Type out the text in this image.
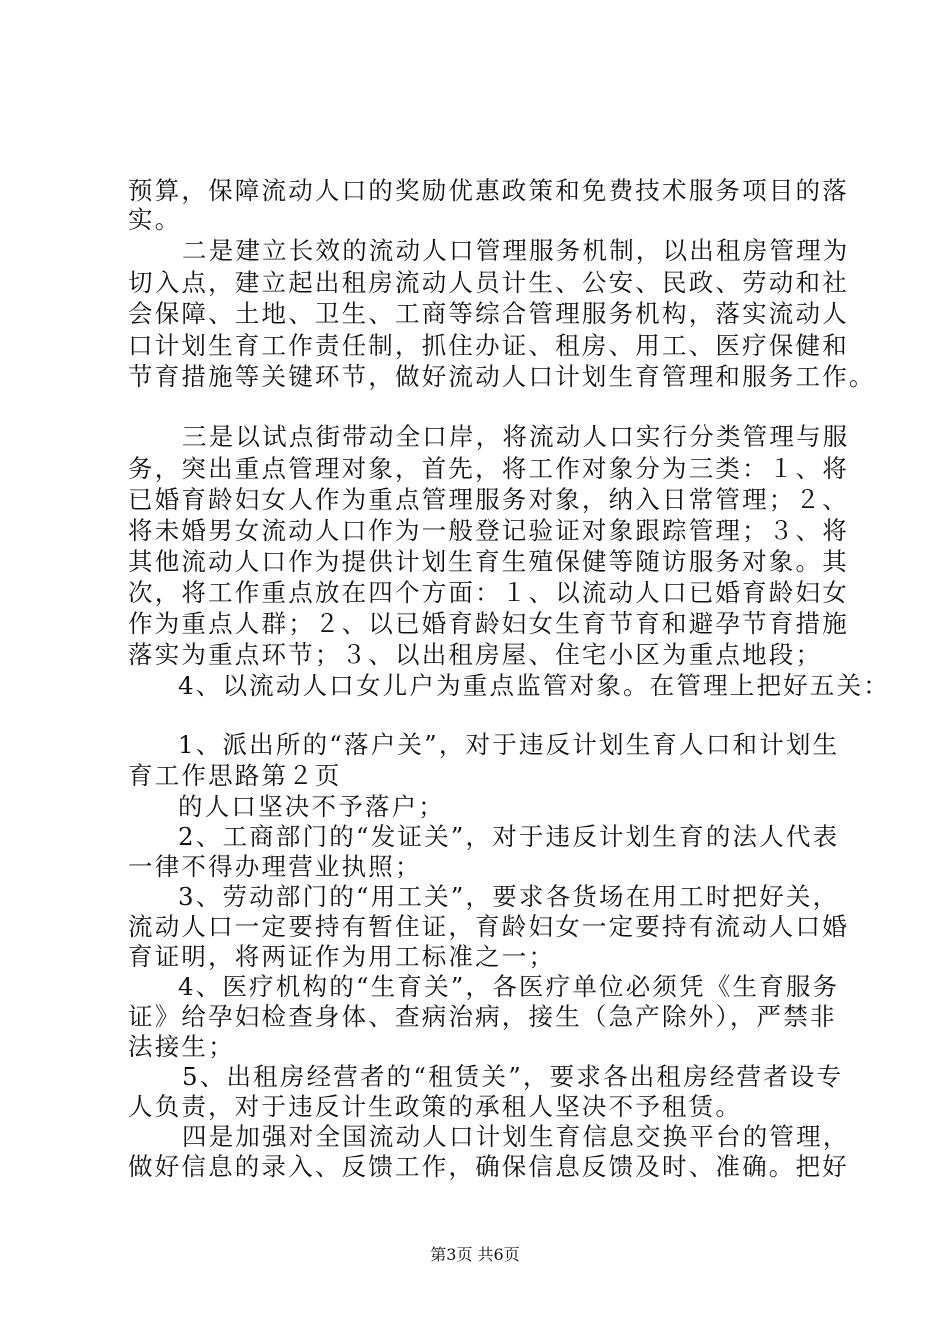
预算，保障流动人口的奖励优惠政策和免费技术服务项目的落
实。
二是建立长效的流动人口管理服务机制，以出租房管理为
切入点，建立起出租房流动人员计生、公安、民政、劳动和社
会保障、土地、卫生、工商等综合管理服务机构，落实流动人
口计划生育工作责任制，抓住办证、租房、用工、医疗保健和
节育措施等关键环节，做好流动人口计划生育管理和服务工作。
三是以试点街带动全口岸，将流动人口实行分类管理与服
务，突出重点管理对象，首先，将工作对象分为三类：１、将
已婚育龄妇女人作为重点管理服务对象，纳入日常管理；２、
将未婚男女流动人口作为一般登记验证对象跟踪管理；３、将
其他流动人口作为提供计划生育生殖保健等随访服务对象。其
次，将工作重点放在四个方面：１、以流动人口已婚育龄妇女
作为重点人群；２、以已婚育龄妇女生育节育和避孕节育措施
落实为重点环节；３、以出租房屋、住宅小区为重点地段；
4、以流动人口女儿户为重点监管对象。在管理上把好五关：
1、派出所的“落户关”，对于违反计划生育人口和计划生
育工作思路第２页
的人口坚决不予落户；
2、工商部门的“发证关”，对于违反计划生育的法人代表
一律不得办理营业执照；
3、劳动部门的“用工关”，要求各货场在用工时把好关，
流动人口一定要持有暂住证，育龄妇女一定要持有流动人口婚
育证明，将两证作为用工标准之一；
4、医疗机构的“生育关”，各医疗单位必须凭《生育服务
证》给孕妇检查身体、查病治病，接生（急产除外），严禁非
法接生；
5、出租房经营者的“租赁关”，要求各出租房经营者设专
人负责，对于违反计生政策的承租人坚决不予租赁。
四是加强对全国流动人口计划生育信息交换平台的管理，
做好信息的录入、反馈工作，确保信息反馈及时、准确。把好
第3页 共6页
